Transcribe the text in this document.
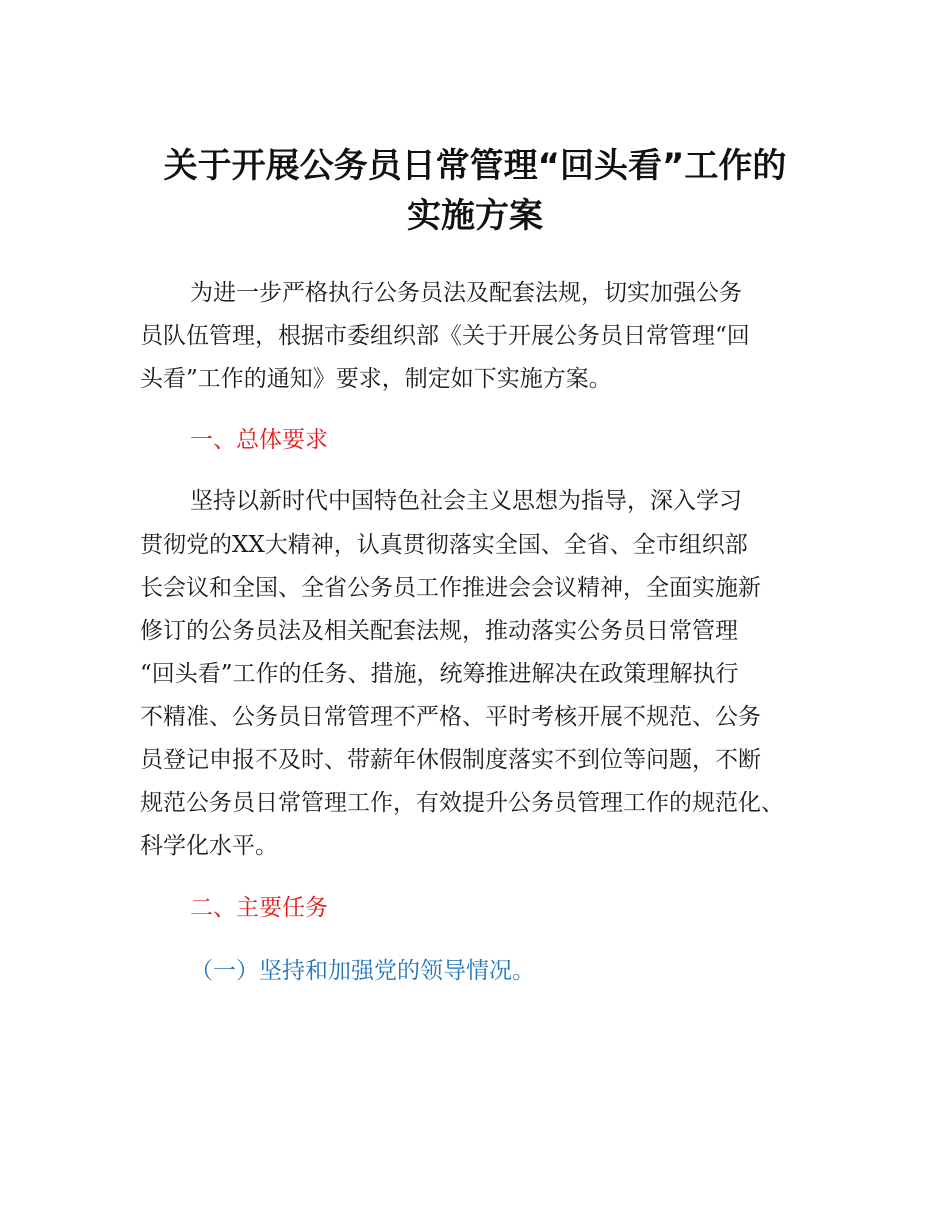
关于开展公务员日常管理“回头看”工作的
实施方案
为进一步严格执行公务员法及配套法规，切实加强公务
员队伍管理，根据市委组织部《关于开展公务员日常管理“回
头看”工作的通知》要求，制定如下实施方案。
一、总体要求
坚持以新时代中国特色社会主义思想为指导，深入学习
贯彻党的XX大精神，认真贯彻落实全国、全省、全市组织部
长会议和全国、全省公务员工作推进会会议精神，全面实施新
修订的公务员法及相关配套法规，推动落实公务员日常管理
“回头看”工作的任务、措施，统筹推进解决在政策理解执行
不精准、公务员日常管理不严格、平时考核开展不规范、公务
员登记申报不及时、带薪年休假制度落实不到位等问题，不断
规范公务员日常管理工作，有效提升公务员管理工作的规范化、
科学化水平。
二、主要任务
（一）坚持和加强党的领导情况。
